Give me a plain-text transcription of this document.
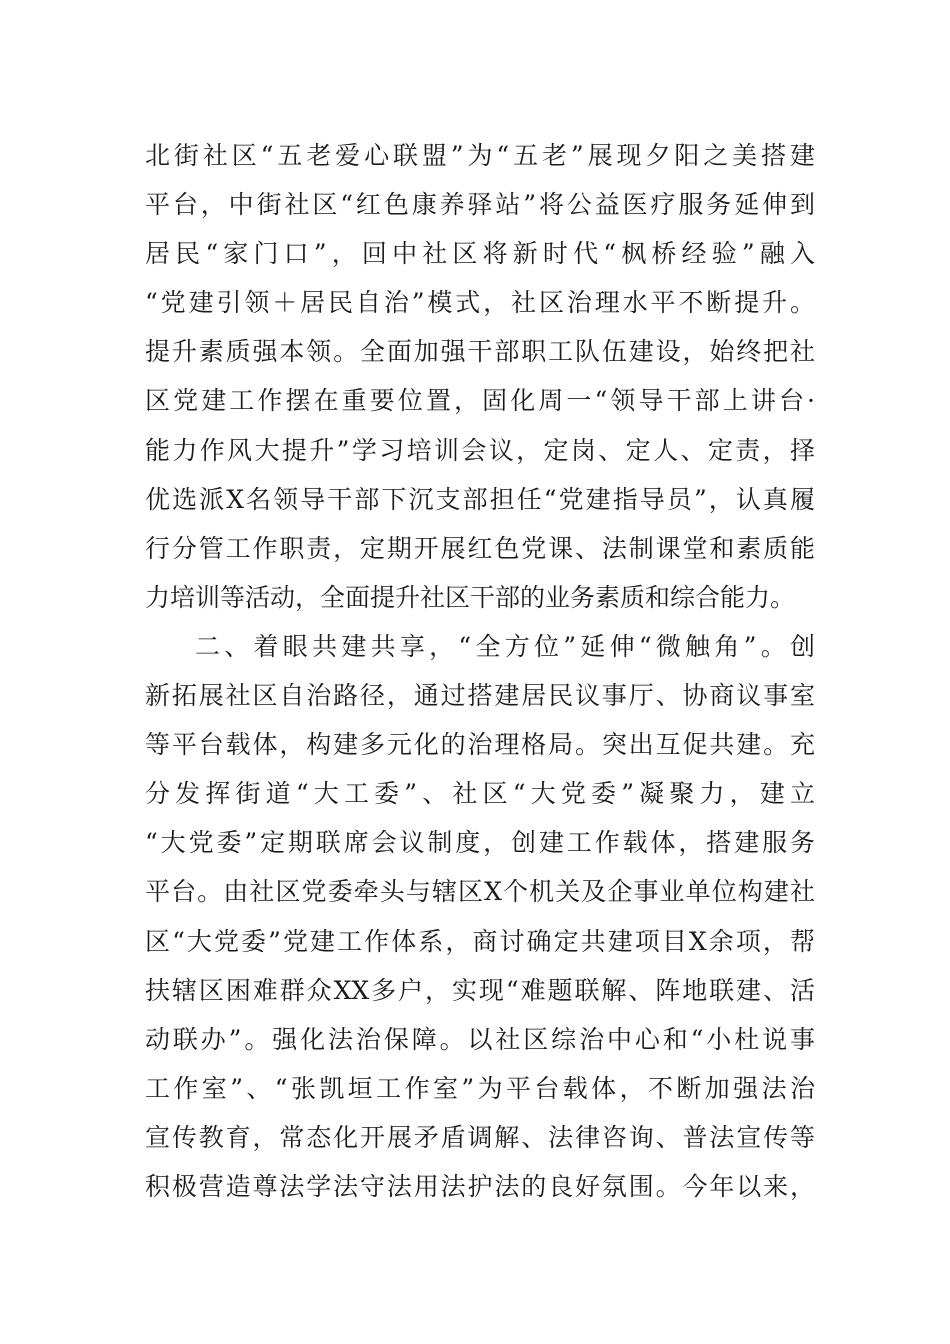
北街社区“五老爱心联盟”为“五老”展现夕阳之美搭建
平台，中街社区“红色康养驿站”将公益医疗服务延伸到
居民“家门口”，回中社区将新时代“枫桥经验”融入
“党建引领＋居民自治”模式，社区治理水平不断提升。
提升素质强本领。全面加强干部职工队伍建设，始终把社
区党建工作摆在重要位置，固化周一“领导干部上讲台·
能力作风大提升”学习培训会议，定岗、定人、定责，择
优选派X名领导干部下沉支部担任“党建指导员”，认真履
行分管工作职责，定期开展红色党课、法制课堂和素质能
力培训等活动，全面提升社区干部的业务素质和综合能力。
二、着眼共建共享，“全方位”延伸“微触角”。创
新拓展社区自治路径，通过搭建居民议事厅、协商议事室
等平台载体，构建多元化的治理格局。突出互促共建。充
分发挥街道“大工委”、社区“大党委”凝聚力，建立
“大党委”定期联席会议制度，创建工作载体，搭建服务
平台。由社区党委牵头与辖区X个机关及企事业单位构建社
区“大党委”党建工作体系，商讨确定共建项目X余项，帮
扶辖区困难群众XX多户，实现“难题联解、阵地联建、活
动联办”。强化法治保障。以社区综治中心和“小杜说事
工作室”、“张凯垣工作室”为平台载体，不断加强法治
宣传教育，常态化开展矛盾调解、法律咨询、普法宣传等
积极营造尊法学法守法用法护法的良好氛围。今年以来，
